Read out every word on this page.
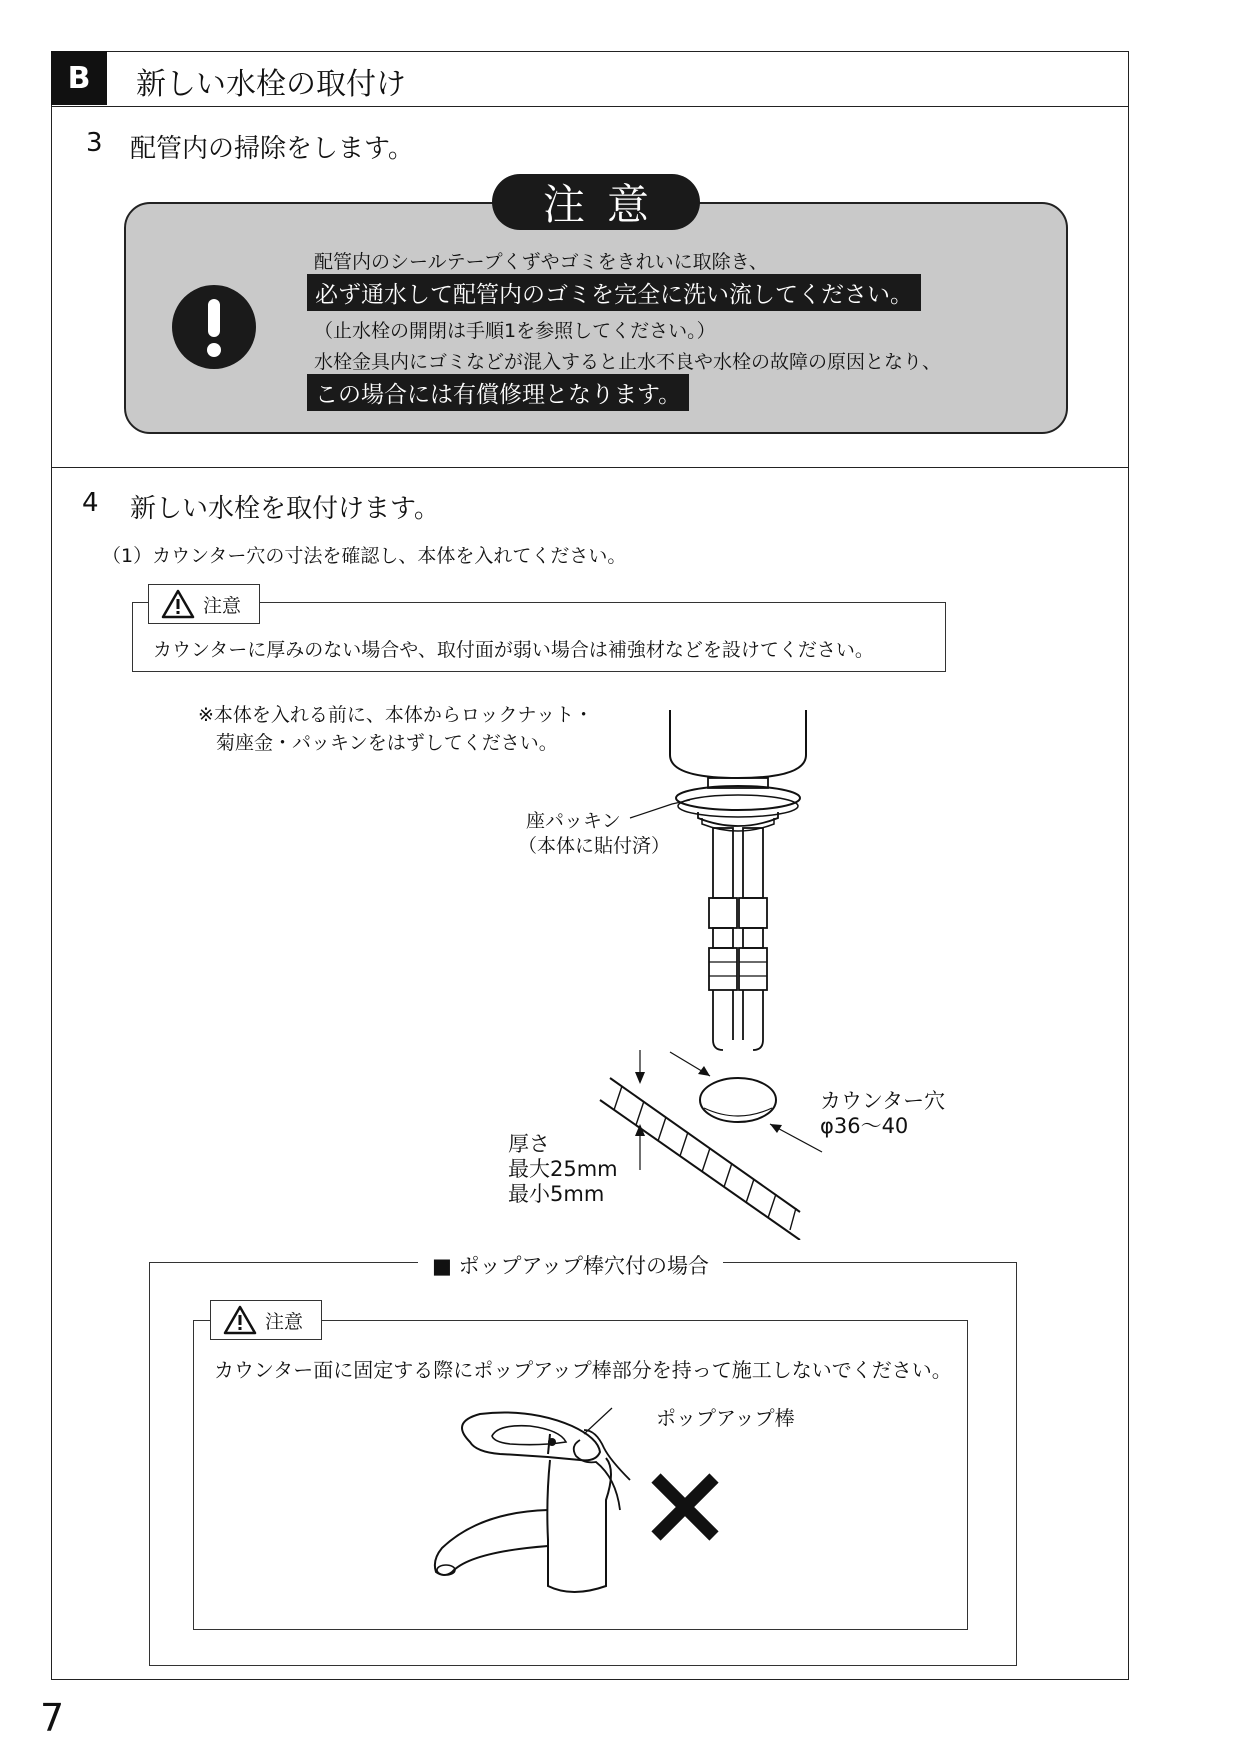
B	新しい水栓の取付け
3 配管内の掃除をします。
注意
配管内のシールテープくずやゴミをきれいに取除き、
必ず通水して配管内のゴミを完全に洗い流してください。
（止水栓の開閉は手順1を参照してください。）
水栓金具内にゴミなどが混入すると止水不良や水栓の故障の原因となり、
この場合には有償修理となります。
4 新しい水栓を取付けます。
（1）カウンター穴の寸法を確認し、本体を入れてください。
注意
カウンターに厚みのない場合や、取付面が弱い場合は補強材などを設けてください。
※本体を入れる前に、本体からロックナット・
菊座金・パッキンをはずしてください。
座パッキン
（本体に貼付済）
カウンター穴
φ36～40
厚さ
最大25mm
最小5mm
■ ポップアップ棒穴付の場合
注意
カウンター面に固定する際にポップアップ棒部分を持って施工しないでください。
ポップアップ棒
7
